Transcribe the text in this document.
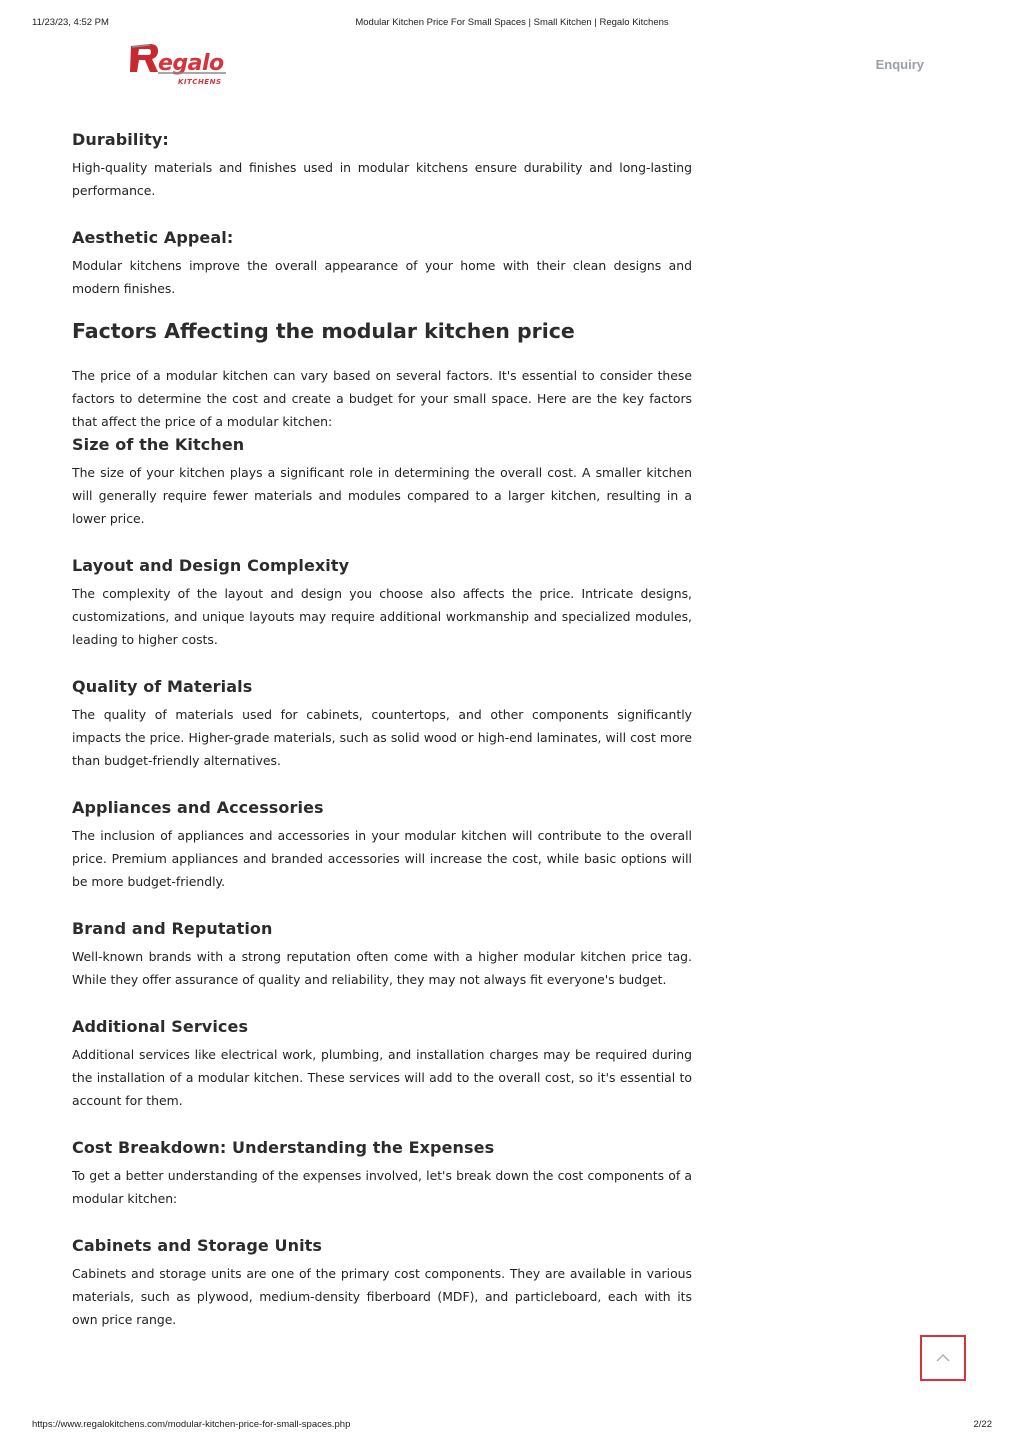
11/23/23, 4:52 PM	Modular Kitchen Price For Small Spaces | Small Kitchen | Regalo Kitchens
egalo
KITCHENS
Enquiry
Durability:

High-quality materials and finishes used in modular kitchens ensure durability and long-lasting performance.

Aesthetic Appeal:

Modular kitchens improve the overall appearance of your home with their clean designs and modern finishes.

Factors Affecting the modular kitchen price

The price of a modular kitchen can vary based on several factors. It's essential to consider these factors to determine the cost and create a budget for your small space. Here are the key factors that affect the price of a modular kitchen:

Size of the Kitchen

The size of your kitchen plays a significant role in determining the overall cost. A smaller kitchen will generally require fewer materials and modules compared to a larger kitchen, resulting in a lower price.

Layout and Design Complexity

The complexity of the layout and design you choose also affects the price. Intricate designs, customizations, and unique layouts may require additional workmanship and specialized modules, leading to higher costs.

Quality of Materials

The quality of materials used for cabinets, countertops, and other components significantly impacts the price. Higher-grade materials, such as solid wood or high-end laminates, will cost more than budget-friendly alternatives.

Appliances and Accessories

The inclusion of appliances and accessories in your modular kitchen will contribute to the overall price. Premium appliances and branded accessories will increase the cost, while basic options will be more budget-friendly.

Brand and Reputation

Well-known brands with a strong reputation often come with a higher modular kitchen price tag. While they offer assurance of quality and reliability, they may not always fit everyone's budget.

Additional Services

Additional services like electrical work, plumbing, and installation charges may be required during the installation of a modular kitchen. These services will add to the overall cost, so it's essential to account for them.

Cost Breakdown: Understanding the Expenses

To get a better understanding of the expenses involved, let's break down the cost components of a modular kitchen:

Cabinets and Storage Units

Cabinets and storage units are one of the primary cost components. They are available in various materials, such as plywood, medium-density fiberboard (MDF), and particleboard, each with its own price range.

https://www.regalokitchens.com/modular-kitchen-price-for-small-spaces.php	2/22
